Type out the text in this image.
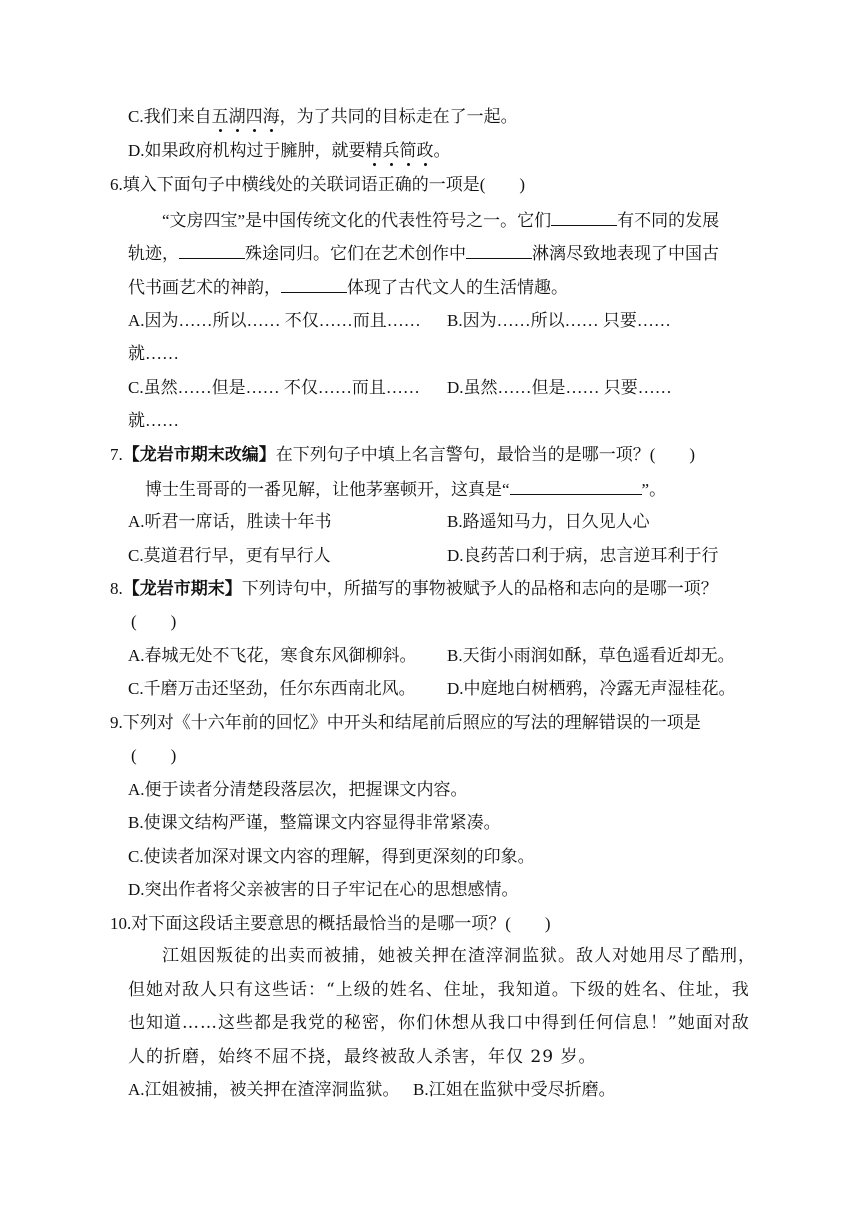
C.我们来自五湖四海，为了共同的目标走在了一起。
D.如果政府机构过于臃肿，就要精兵简政。
6.填入下面句子中横线处的关联词语正确的一项是(　　)
“文房四宝”是中国传统文化的代表性符号之一。它们	有不同的发展
轨迹，	殊途同归。它们在艺术创作中	淋漓尽致地表现了中国古
代书画艺术的神韵，	体现了古代文人的生活情趣。
A.因为……所以…… 不仅……而且…… B.因为……所以…… 只要……
就……
C.虽然……但是…… 不仅……而且…… D.虽然……但是…… 只要……
就……
7.【龙岩市期末改编】在下列句子中填上名言警句，最恰当的是哪一项？(　　)
博士生哥哥的一番见解，让他茅塞顿开，这真是“	”。
A.听君一席话，胜读十年书	B.路遥知马力，日久见人心
C.莫道君行早，更有早行人	D.良药苦口利于病，忠言逆耳利于行
8.【龙岩市期末】下列诗句中，所描写的事物被赋予人的品格和志向的是哪一项？
(　　)
A.春城无处不飞花，寒食东风御柳斜。 B.天街小雨润如酥，草色遥看近却无。
C.千磨万击还坚劲，任尔东西南北风。 D.中庭地白树栖鸦，冷露无声湿桂花。
9.下列对《十六年前的回忆》中开头和结尾前后照应的写法的理解错误的一项是
(　　)
A.便于读者分清楚段落层次，把握课文内容。
B.使课文结构严谨，整篇课文内容显得非常紧凑。
C.使读者加深对课文内容的理解，得到更深刻的印象。
D.突出作者将父亲被害的日子牢记在心的思想感情。
10.对下面这段话主要意思的概括最恰当的是哪一项？(　　)
江姐因叛徒的出卖而被捕，她被关押在渣滓洞监狱。敌人对她用尽了酷刑，
但她对敌人只有这些话：“上级的姓名、住址，我知道。下级的姓名、住址，我
也知道……这些都是我党的秘密，你们休想从我口中得到任何信息！”她面对敌
人的折磨，始终不屈不挠，最终被敌人杀害，年仅 29 岁。
A.江姐被捕，被关押在渣滓洞监狱。 B.江姐在监狱中受尽折磨。
